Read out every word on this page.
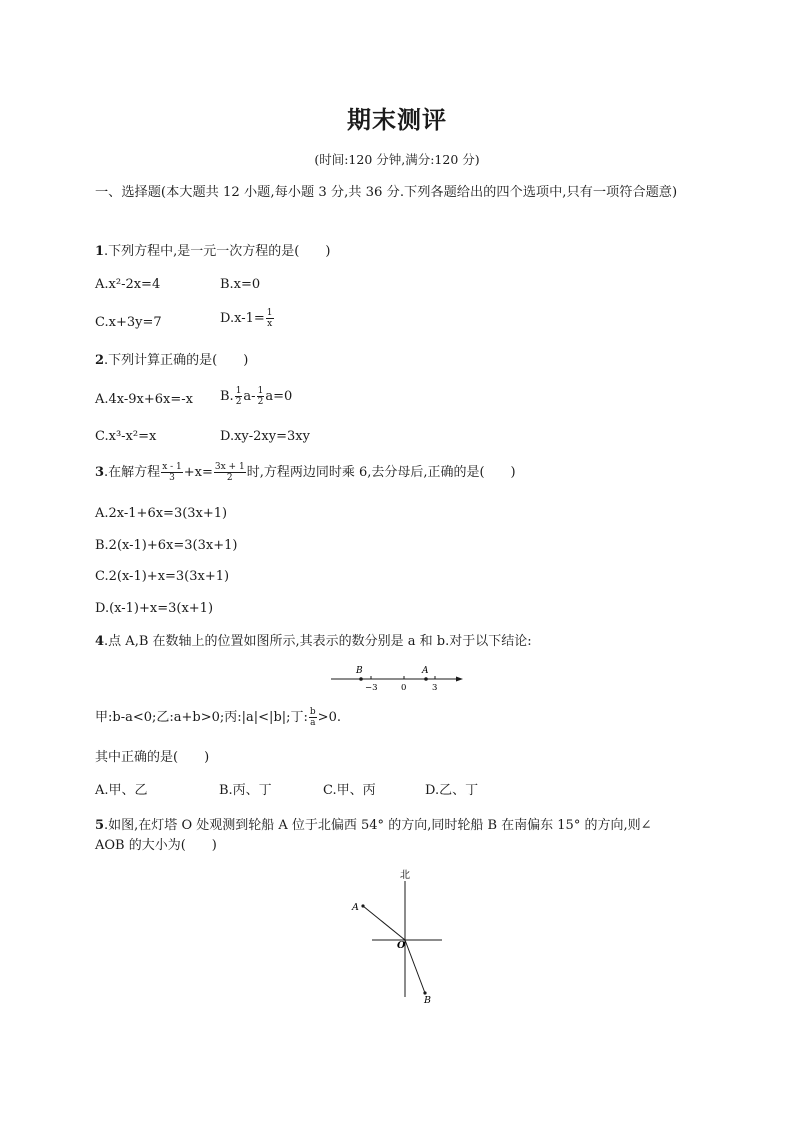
期末测评
(时间:120 分钟,满分:120 分)
一、选择题(本大题共 12 小题,每小题 3 分,共 36 分.下列各题给出的四个选项中,只有一项符合题意)
1.下列方程中,是一元一次方程的是(　　)
A.x²-2x=4	B.x=0
C.x+3y=7	$D.x-1= \frac{1}{x}$
2.下列计算正确的是(　　)
A.4x-9x+6x=-x B. $\frac{1}{2} a- \frac{1}{2} a=0$
C.x³-x²=x	D.xy-2xy=3xy
3.在解方程 $\frac{x - 1}{3} +x= \frac{3x + 1}{2}$ 时,方程两边同时乘 6,去分母后,正确的是(　　)
A.2x-1+6x=3(3x+1)
B.2(x-1)+6x=3(3x+1)
C.2(x-1)+x=3(3x+1)
D.(x-1)+x=3(x+1)
4.点 A,B 在数轴上的位置如图所示,其表示的数分别是 a 和 b.对于以下结论:
B	A
−3	0	3
甲:b-a<0;乙:a+b>0;丙:|a|<|b|;丁: $\frac{b}{a} >0$.
其中正确的是(　　)
A.甲、乙	B.丙、丁	C.甲、丙	D.乙、丁
5.如图,在灯塔 O 处观测到轮船 A 位于北偏西 54° 的方向,同时轮船 B 在南偏东 15° 的方向,则∠
AOB 的大小为(　　)
北
A
O
B
